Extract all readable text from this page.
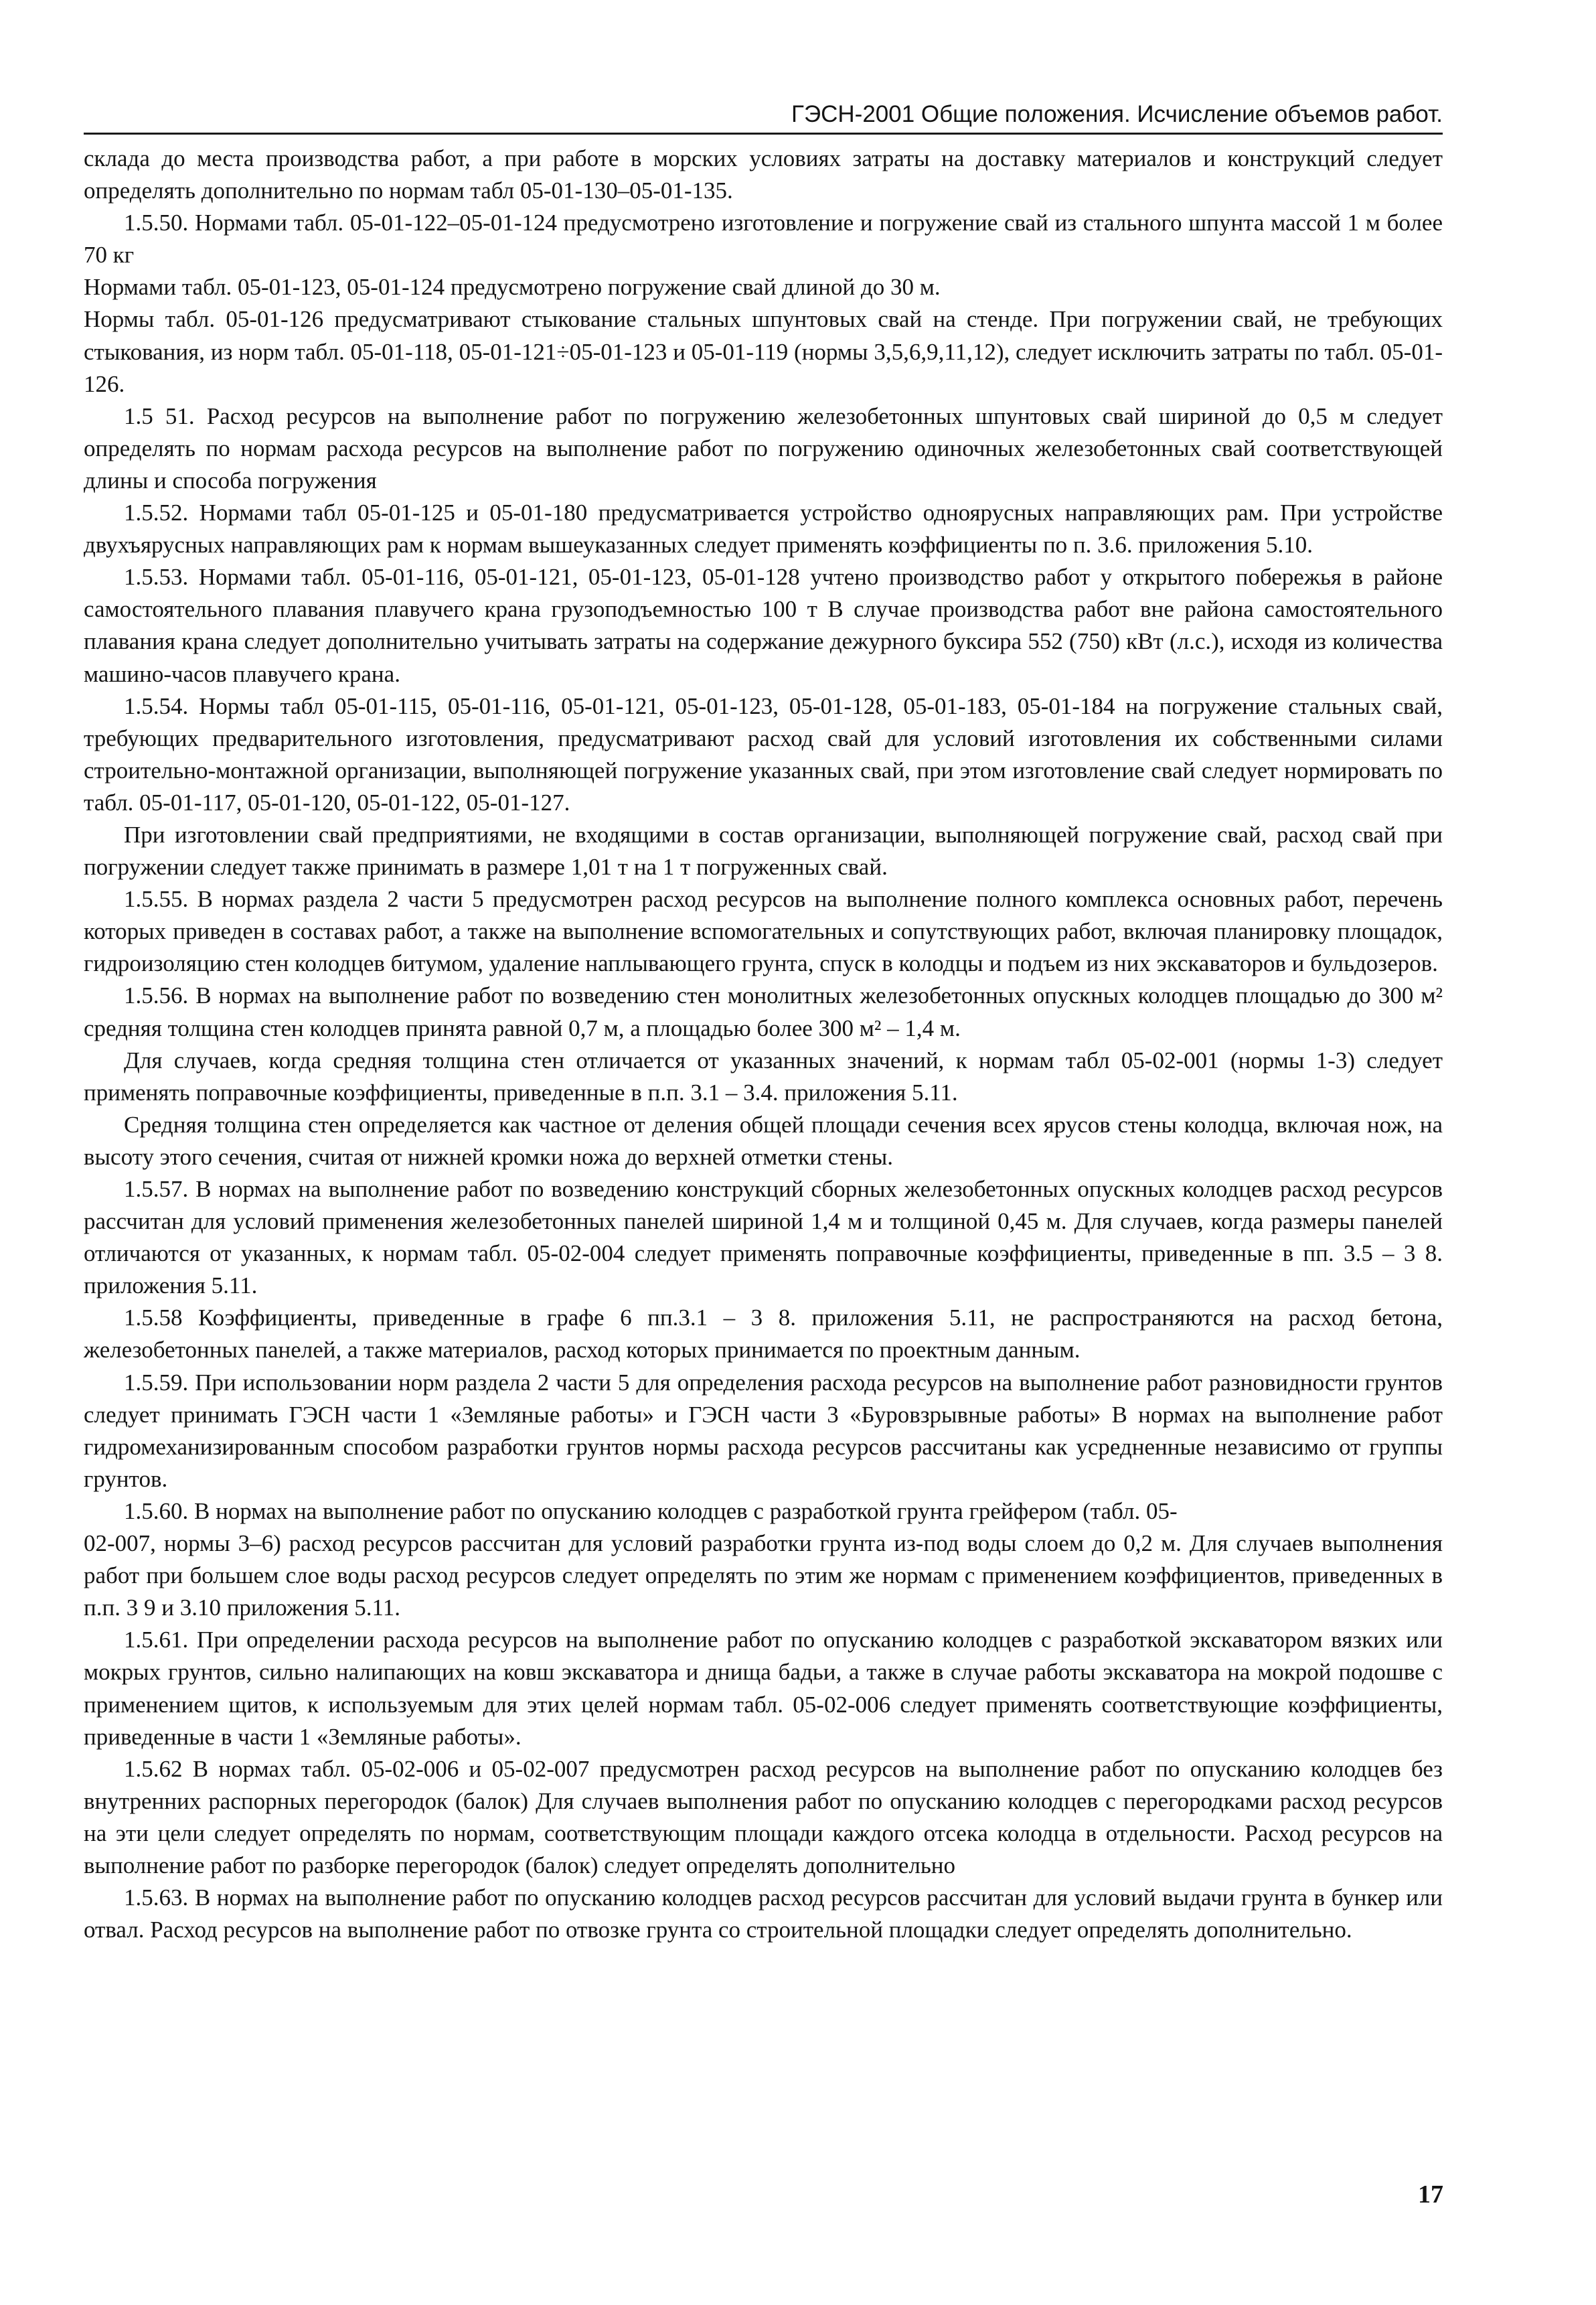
ГЭСН-2001 Общие положения. Исчисление объемов работ.

склада до места производства работ, а при работе в морских условиях затраты на доставку материалов и конструкций следует определять дополнительно по нормам табл 05-01-130–05-01-135.

1.5.50. Нормами табл. 05-01-122–05-01-124 предусмотрено изготовление и погружение свай из стального шпунта массой 1 м более 70 кг

Нормами табл. 05-01-123, 05-01-124 предусмотрено погружение свай длиной до 30 м.

Нормы табл. 05-01-126 предусматривают стыкование стальных шпунтовых свай на стенде. При погружении свай, не требующих стыкования, из норм табл. 05-01-118, 05-01-121÷05-01-123 и 05-01-119 (нормы 3,5,6,9,11,12), следует исключить затраты по табл. 05-01-126.

1.5 51. Расход ресурсов на выполнение работ по погружению железобетонных шпунтовых свай шириной до 0,5 м следует определять по нормам расхода ресурсов на выполнение работ по погружению одиночных железобетонных свай соответствующей длины и способа погружения

1.5.52. Нормами табл 05-01-125 и 05-01-180 предусматривается устройство одноярусных направляющих рам. При устройстве двухъярусных направляющих рам к нормам вышеуказанных следует применять коэффициенты по п. 3.6. приложения 5.10.

1.5.53. Нормами табл. 05-01-116, 05-01-121, 05-01-123, 05-01-128 учтено производство работ у открытого побережья в районе самостоятельного плавания плавучего крана грузоподъемностью 100 т В случае производства работ вне района самостоятельного плавания крана следует дополнительно учитывать затраты на содержание дежурного буксира 552 (750) кВт (л.с.), исходя из количества машино-часов плавучего крана.

1.5.54. Нормы табл 05-01-115, 05-01-116, 05-01-121, 05-01-123, 05-01-128, 05-01-183, 05-01-184 на погружение стальных свай, требующих предварительного изготовления, предусматривают расход свай для условий изготовления их собственными силами строительно-монтажной организации, выполняющей погружение указанных свай, при этом изготовление свай следует нормировать по табл. 05-01-117, 05-01-120, 05-01-122, 05-01-127.

При изготовлении свай предприятиями, не входящими в состав организации, выполняющей погружение свай, расход свай при погружении следует также принимать в размере 1,01 т на 1 т погруженных свай.

1.5.55. В нормах раздела 2 части 5 предусмотрен расход ресурсов на выполнение полного комплекса основных работ, перечень которых приведен в составах работ, а также на выполнение вспомогательных и сопутствующих работ, включая планировку площадок, гидроизоляцию стен колодцев битумом, удаление наплывающего грунта, спуск в колодцы и подъем из них экскаваторов и бульдозеров.

1.5.56. В нормах на выполнение работ по возведению стен монолитных железобетонных опускных колодцев площадью до 300 м² средняя толщина стен колодцев принята равной 0,7 м, а площадью более 300 м² – 1,4 м.

Для случаев, когда средняя толщина стен отличается от указанных значений, к нормам табл 05-02-001 (нормы 1-3) следует применять поправочные коэффициенты, приведенные в п.п. 3.1 – 3.4. приложения 5.11.

Средняя толщина стен определяется как частное от деления общей площади сечения всех ярусов стены колодца, включая нож, на высоту этого сечения, считая от нижней кромки ножа до верхней отметки стены.

1.5.57. В нормах на выполнение работ по возведению конструкций сборных железобетонных опускных колодцев расход ресурсов рассчитан для условий применения железобетонных панелей шириной 1,4 м и толщиной 0,45 м. Для случаев, когда размеры панелей отличаются от указанных, к нормам табл. 05-02-004 следует применять поправочные коэффициенты, приведенные в пп. 3.5 – 3 8. приложения 5.11.

1.5.58 Коэффициенты, приведенные в графе 6 пп.3.1 – 3 8. приложения 5.11, не распространяются на расход бетона, железобетонных панелей, а также материалов, расход которых принимается по проектным данным.

1.5.59. При использовании норм раздела 2 части 5 для определения расхода ресурсов на выполнение работ разновидности грунтов следует принимать ГЭСН части 1 «Земляные работы» и ГЭСН части 3 «Буровзрывные работы» В нормах на выполнение работ гидромеханизированным способом разработки грунтов нормы расхода ресурсов рассчитаны как усредненные независимо от группы грунтов.

1.5.60. В нормах на выполнение работ по опусканию колодцев с разработкой грунта грейфером (табл. 05-
02-007, нормы 3–6) расход ресурсов рассчитан для условий разработки грунта из-под воды слоем до 0,2 м. Для случаев выполнения работ при большем слое воды расход ресурсов следует определять по этим же нормам с применением коэффициентов, приведенных в п.п. 3 9 и 3.10 приложения 5.11.

1.5.61. При определении расхода ресурсов на выполнение работ по опусканию колодцев с разработкой экскаватором вязких или мокрых грунтов, сильно налипающих на ковш экскаватора и днища бадьи, а также в случае работы экскаватора на мокрой подошве с применением щитов, к используемым для этих целей нормам табл. 05-02-006 следует применять соответствующие коэффициенты, приведенные в части 1 «Земляные работы».

1.5.62 В нормах табл. 05-02-006 и 05-02-007 предусмотрен расход ресурсов на выполнение работ по опусканию колодцев без внутренних распорных перегородок (балок) Для случаев выполнения работ по опусканию колодцев с перегородками расход ресурсов на эти цели следует определять по нормам, соответствующим площади каждого отсека колодца в отдельности. Расход ресурсов на выполнение работ по разборке перегородок (балок) следует определять дополнительно

1.5.63. В нормах на выполнение работ по опусканию колодцев расход ресурсов рассчитан для условий выдачи грунта в бункер или отвал. Расход ресурсов на выполнение работ по отвозке грунта со строительной площадки следует определять дополнительно.

17
